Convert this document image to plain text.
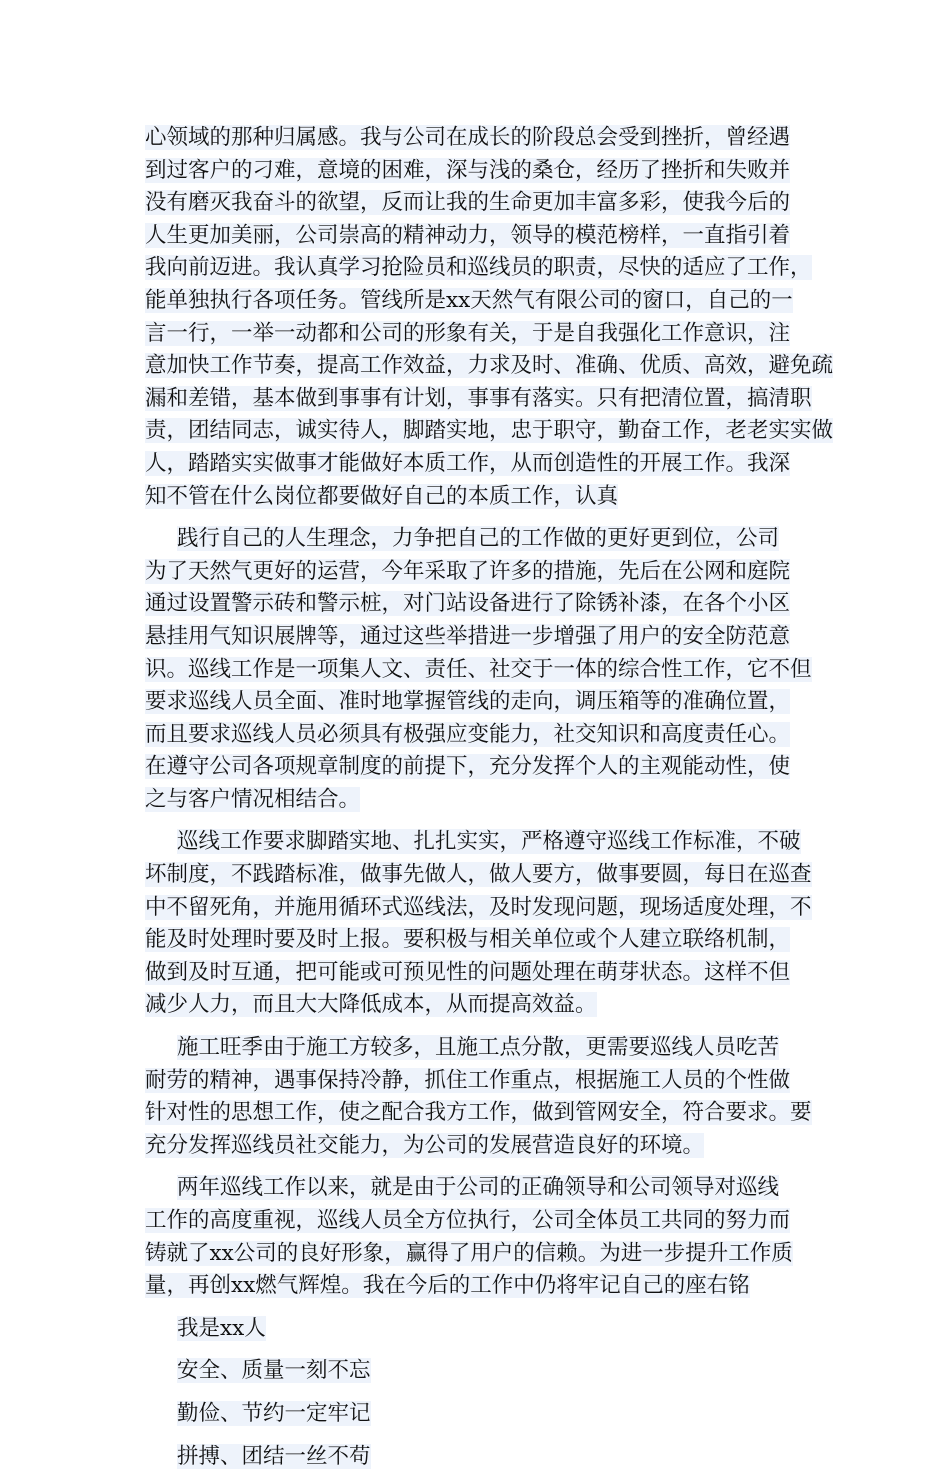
心领域的那种归属感。我与公司在成长的阶段总会受到挫折，曾经遇
到过客户的刁难，意境的困难，深与浅的桑仓，经历了挫折和失败并
没有磨灭我奋斗的欲望，反而让我的生命更加丰富多彩，使我今后的
人生更加美丽，公司崇高的精神动力，领导的模范榜样，一直指引着
我向前迈进。我认真学习抢险员和巡线员的职责，尽快的适应了工作，
能单独执行各项任务。管线所是xx天然气有限公司的窗口，自己的一
言一行，一举一动都和公司的形象有关，于是自我强化工作意识，注
意加快工作节奏，提高工作效益，力求及时、准确、优质、高效，避免疏
漏和差错，基本做到事事有计划，事事有落实。只有把清位置，搞清职
责，团结同志，诚实待人，脚踏实地，忠于职守，勤奋工作，老老实实做
人，踏踏实实做事才能做好本质工作，从而创造性的开展工作。我深
知不管在什么岗位都要做好自己的本质工作，认真
践行自己的人生理念，力争把自己的工作做的更好更到位，公司
为了天然气更好的运营，今年采取了许多的措施，先后在公网和庭院
通过设置警示砖和警示桩，对门站设备进行了除锈补漆，在各个小区
悬挂用气知识展牌等，通过这些举措进一步增强了用户的安全防范意
识。巡线工作是一项集人文、责任、社交于一体的综合性工作，它不但
要求巡线人员全面、准时地掌握管线的走向，调压箱等的准确位置，
而且要求巡线人员必须具有极强应变能力，社交知识和高度责任心。
在遵守公司各项规章制度的前提下，充分发挥个人的主观能动性，使
之与客户情况相结合。
巡线工作要求脚踏实地、扎扎实实，严格遵守巡线工作标准，不破
坏制度，不践踏标准，做事先做人，做人要方，做事要圆，每日在巡查
中不留死角，并施用循环式巡线法，及时发现问题，现场适度处理，不
能及时处理时要及时上报。要积极与相关单位或个人建立联络机制，
做到及时互通，把可能或可预见性的问题处理在萌芽状态。这样不但
减少人力，而且大大降低成本，从而提高效益。
施工旺季由于施工方较多，且施工点分散，更需要巡线人员吃苦
耐劳的精神，遇事保持冷静，抓住工作重点，根据施工人员的个性做
针对性的思想工作，使之配合我方工作，做到管网安全，符合要求。要
充分发挥巡线员社交能力，为公司的发展营造良好的环境。
两年巡线工作以来，就是由于公司的正确领导和公司领导对巡线
工作的高度重视，巡线人员全方位执行，公司全体员工共同的努力而
铸就了xx公司的良好形象，赢得了用户的信赖。为进一步提升工作质
量，再创xx燃气辉煌。我在今后的工作中仍将牢记自己的座右铭
我是xx人
安全、质量一刻不忘
勤俭、节约一定牢记
拼搏、团结一丝不苟
